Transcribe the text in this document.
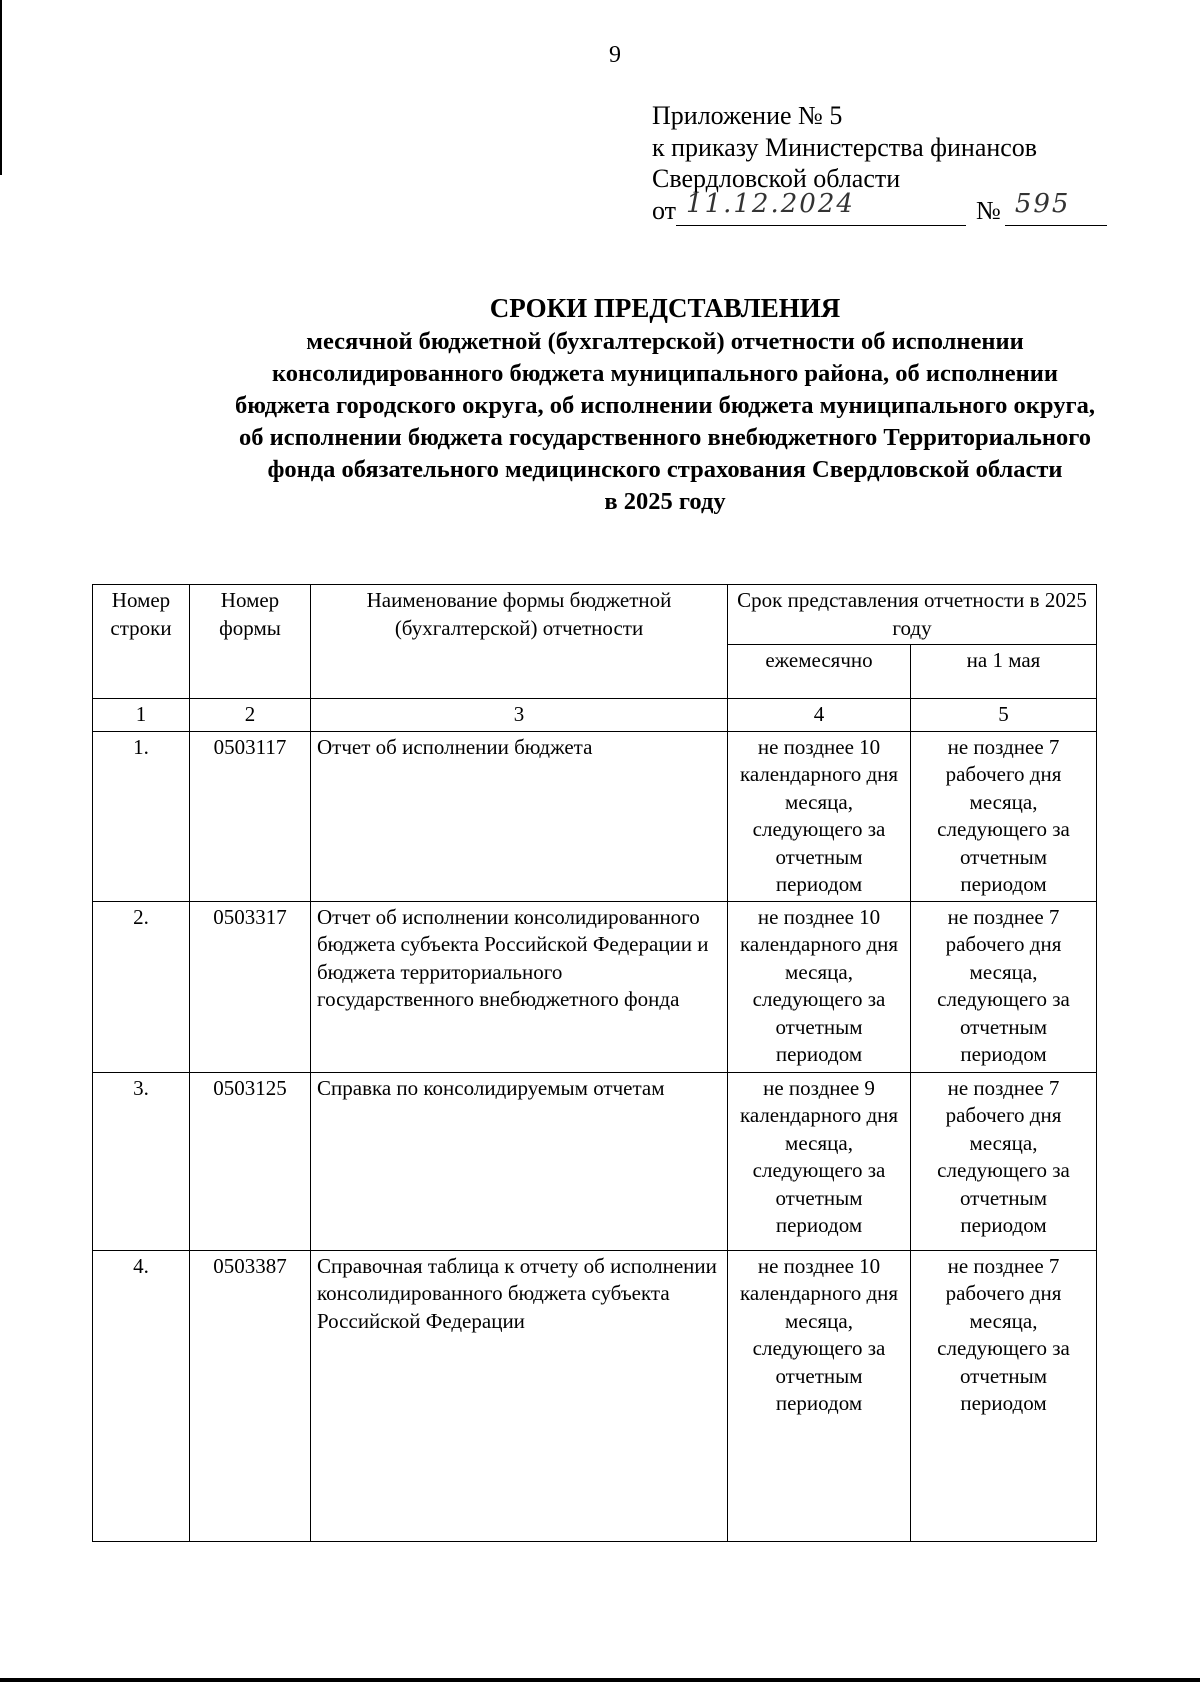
9
Приложение № 5
к приказу Министерства финансов
Свердловской области
от 11.12.2024	№ 595
СРОКИ ПРЕДСТАВЛЕНИЯ
месячной бюджетной (бухгалтерской) отчетности об исполнении
консолидированного бюджета муниципального района, об исполнении
бюджета городского округа, об исполнении бюджета муниципального округа,
об исполнении бюджета государственного внебюджетного Территориального
фонда обязательного медицинского страхования Свердловской области
в 2025 году
Номер строки	Номер формы	Наименование формы бюджетной (бухгалтерской) отчетности	Срок представления отчетности в 2025 году	
			ежемесячно	на 1 мая
1	2	3	4	5
1.	0503117	Отчет об исполнении бюджета	не позднее 10 календарного дня месяца, следующего за отчетным периодом	не позднее 7 рабочего дня месяца, следующего за отчетным периодом
2.	0503317	Отчет об исполнении консолидированного бюджета субъекта Российской Федерации и бюджета территориального государственного внебюджетного фонда	не позднее 10 календарного дня месяца, следующего за отчетным периодом	не позднее 7 рабочего дня месяца, следующего за отчетным периодом
3.	0503125	Справка по консолидируемым отчетам	не позднее 9 календарного дня месяца, следующего за отчетным периодом	не позднее 7 рабочего дня месяца, следующего за отчетным периодом
4.	0503387	Справочная таблица к отчету об исполнении консолидированного бюджета субъекта Российской Федерации	не позднее 10 календарного дня месяца, следующего за отчетным периодом	не позднее 7 рабочего дня месяца, следующего за отчетным периодом
